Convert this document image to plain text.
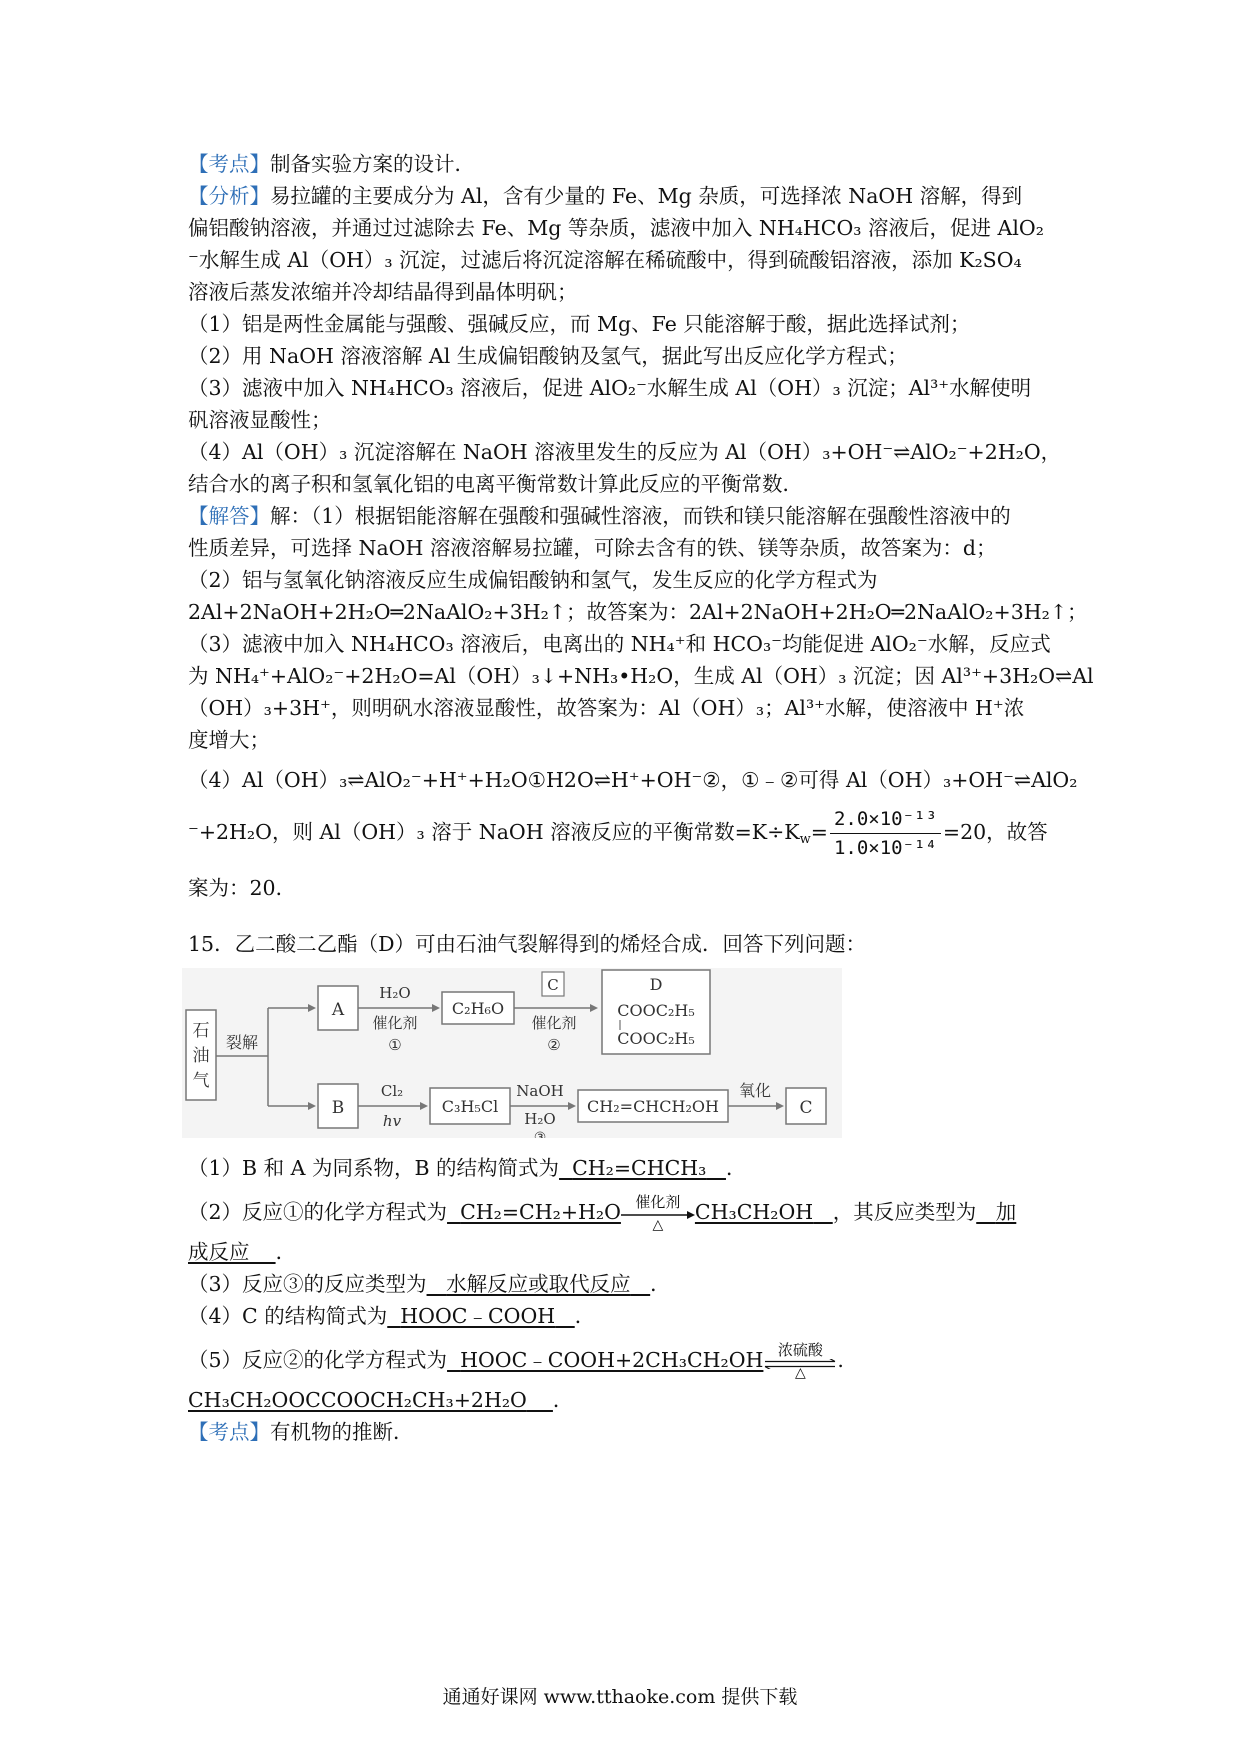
【考点】制备实验方案的设计．
【分析】易拉罐的主要成分为 Al，含有少量的 Fe、Mg 杂质，可选择浓 NaOH 溶解，得到
偏铝酸钠溶液，并通过过滤除去 Fe、Mg 等杂质，滤液中加入 NH₄HCO₃ 溶液后，促进 AlO₂
⁻水解生成 Al（OH）₃ 沉淀，过滤后将沉淀溶解在稀硫酸中，得到硫酸铝溶液，添加 K₂SO₄
溶液后蒸发浓缩并冷却结晶得到晶体明矾；
（1）铝是两性金属能与强酸、强碱反应，而 Mg、Fe 只能溶解于酸，据此选择试剂；
（2）用 NaOH 溶液溶解 Al 生成偏铝酸钠及氢气，据此写出反应化学方程式；
（3）滤液中加入 NH₄HCO₃ 溶液后，促进 AlO₂⁻水解生成 Al（OH）₃ 沉淀；Al³⁺水解使明
矾溶液显酸性；
（4）Al（OH）₃ 沉淀溶解在 NaOH 溶液里发生的反应为 Al（OH）₃+OH⁻⇌AlO₂⁻+2H₂O，
结合水的离子积和氢氧化铝的电离平衡常数计算此反应的平衡常数．
【解答】解：（1）根据铝能溶解在强酸和强碱性溶液，而铁和镁只能溶解在强酸性溶液中的
性质差异，可选择 NaOH 溶液溶解易拉罐，可除去含有的铁、镁等杂质，故答案为：d；
（2）铝与氢氧化钠溶液反应生成偏铝酸钠和氢气，发生反应的化学方程式为
2Al+2NaOH+2H₂O═2NaAlO₂+3H₂↑；故答案为：2Al+2NaOH+2H₂O═2NaAlO₂+3H₂↑；
（3）滤液中加入 NH₄HCO₃ 溶液后，电离出的 NH₄⁺和 HCO₃⁻均能促进 AlO₂⁻水解，反应式
为 NH₄⁺+AlO₂⁻+2H₂O=Al（OH）₃↓+NH₃•H₂O，生成 Al（OH）₃ 沉淀；因 Al³⁺+3H₂O⇌Al
（OH）₃+3H⁺，则明矾水溶液显酸性，故答案为：Al（OH）₃；Al³⁺水解，使溶液中 H⁺浓
度增大；
（4）Al（OH）₃⇌AlO₂⁻+H⁺+H₂O①H2O⇌H⁺+OH⁻②，①﹣②可得 Al（OH）₃+OH⁻⇌AlO₂
⁻+2H₂O，则 Al（OH）₃ 溶于 NaOH 溶液反应的平衡常数$=K\div K_w= \frac{\text{2.0×10⁻¹³}}{\text{1.0×10⁻¹⁴}} =20$，故答
案为：20．
15．乙二酸二乙酯（D）可由石油气裂解得到的烯烃合成．回答下列问题：
石
油
气
裂解
A
H₂O
催化剂
①
C₂H₆O
C
催化剂
②
D
COOC₂H₅
COOC₂H₅
B
Cl₂
hv
C₃H₅Cl
NaOH
H₂O
③
CH₂=CHCH₂OH
氧化
C
（1）B 和 A 为同系物，B 的结构简式为 CH₂=CHCH₃ ．
（2）反应①的化学方程式为 CH₂=CH₂+H₂O 催化剂
△
CH₃CH₂OH ，其反应类型为 加
成反应 ．
（3）反应③的反应类型为 水解反应或取代反应 ．
（4）C 的结构简式为 HOOC﹣COOH ．
（5）反应②的化学方程式为 HOOC﹣COOH+2CH₃CH₂OH 浓硫酸
△
.
CH₃CH₂OOCCOOCH₂CH₃+2H₂O ．
【考点】有机物的推断．
通通好课网 www.tthaoke.com 提供下载
